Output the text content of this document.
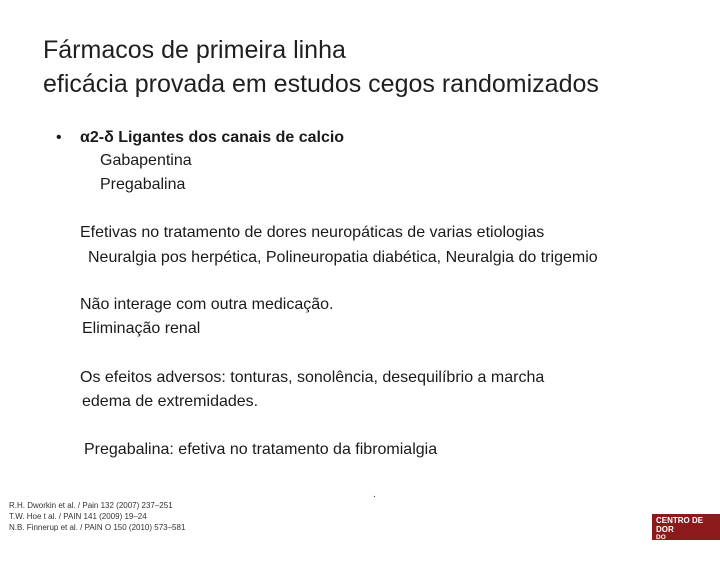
Fármacos de primeira linha
eficácia provada em estudos cegos randomizados
• α2-δ Ligantes dos canais de calcio
Gabapentina
Pregabalina
Efetivas no tratamento de dores neuropáticas de varias etiologias
Neuralgia pos herpética, Polineuropatia diabética, Neuralgia do trigemio
Não interage com outra medicação.
Eliminação renal
Os efeitos adversos: tonturas, sonolência, desequilíbrio a marcha
edema de extremidades.
Pregabalina: efetiva no tratamento da fibromialgia
.
R.H. Dworkin et al. / Pain 132 (2007) 237–251
T.W. Hoe t al. / PAIN 141 (2009) 19–24
N.B. Finnerup et al. / PAIN O 150 (2010) 573–581
CENTRO DE DOR
DO DEPARTAMENTO DE
NEUROLOGIA DA FMUSP
